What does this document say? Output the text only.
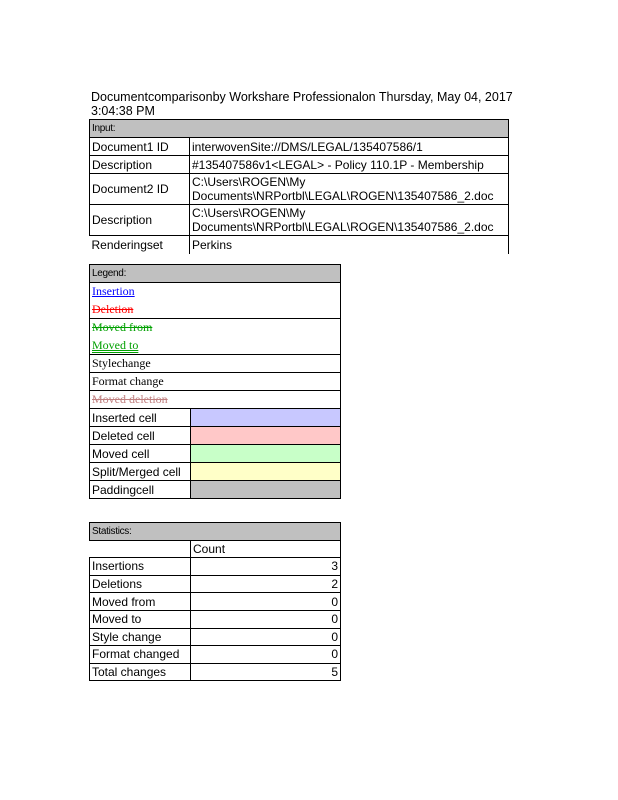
Documentcomparisonby Workshare Professionalon Thursday, May 04, 2017
3:04:38 PM
Input:	
Document1 ID	interwovenSite://DMS/LEGAL/135407586/1
Description	#135407586v1<LEGAL> - Policy 110.1P - Membership
Document2 ID	C:\Users\ROGEN\My
Documents\NRPortbl\LEGAL\ROGEN\135407586_2.doc

Description	C:\Users\ROGEN\My
Documents\NRPortbl\LEGAL\ROGEN\135407586_2.doc

Renderingset	Perkins
Legend:	
Insertion	
Deletion	
Moved from	
Moved to	
Stylechange	
Format change	
Moved deletion	
Inserted cell	
Deleted cell	
Moved cell	
Split/Merged cell	
Paddingcell	
Statistics:	
	Count
Insertions	3
Deletions	2
Moved from	0
Moved to	0
Style change	0
Format changed	0
Total changes	5
